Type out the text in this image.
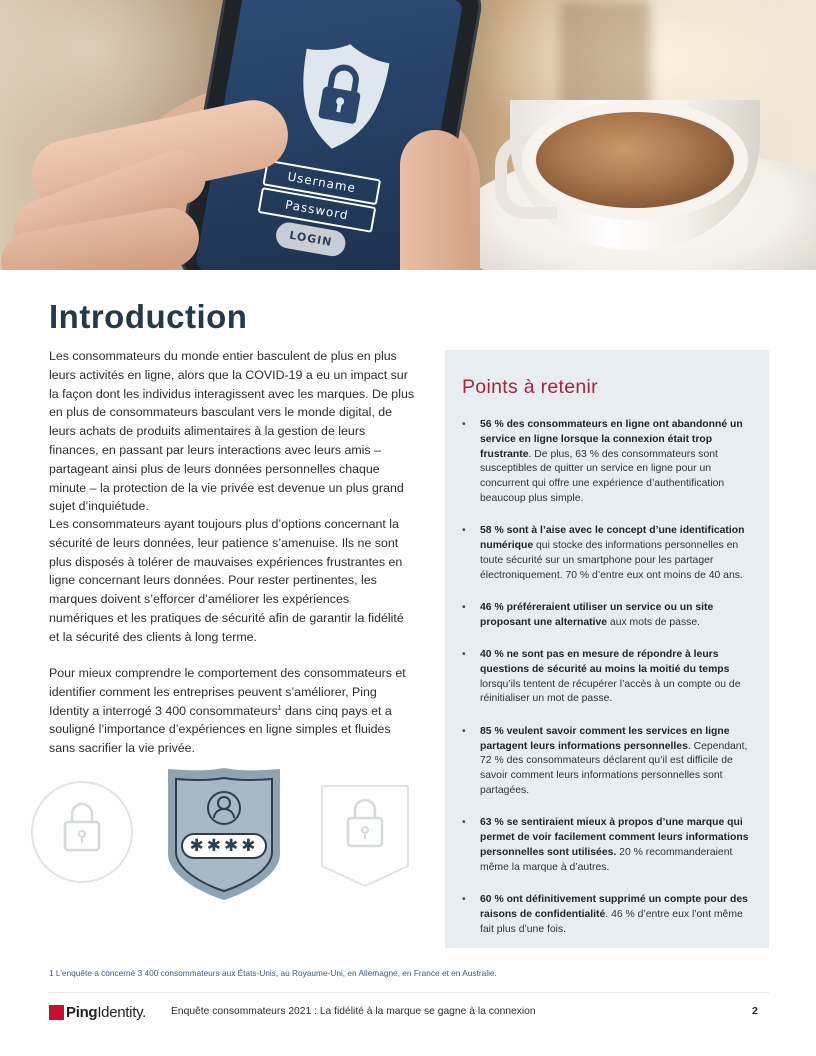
Username
Password
LOGIN
Introduction

Les consommateurs du monde entier basculent de plus en plus leurs activités en ligne, alors que la COVID-19 a eu un impact sur la façon dont les individus interagissent avec les marques. De plus en plus de consommateurs basculant vers le monde digital, de leurs achats de produits alimentaires à la gestion de leurs finances, en passant par leurs interactions avec leurs amis – partageant ainsi plus de leurs données personnelles chaque minute – la protection de la vie privée est devenue un plus grand sujet d’inquiétude.

Les consommateurs ayant toujours plus d’options concernant la sécurité de leurs données, leur patience s’amenuise. Ils ne sont plus disposés à tolérer de mauvaises expériences frustrantes en ligne concernant leurs données. Pour rester pertinentes, les marques doivent s’efforcer d’améliorer les expériences numériques et les pratiques de sécurité afin de garantir la fidélité et la sécurité des clients à long terme.

Pour mieux comprendre le comportement des consommateurs et identifier comment les entreprises peuvent s’améliorer, Ping Identity a interrogé 3 400 consommateurs$^1$ dans cinq pays et a souligné l’importance d’expériences en ligne simples et fluides sans sacrifier la vie privée.

✱✱✱✱
Points à retenir
• 56 % des consommateurs en ligne ont abandonné un service en ligne lorsque la connexion était trop frustrante. De plus, 63 % des consommateurs sont susceptibles de quitter un service en ligne pour un concurrent qui offre une expérience d’authentification beaucoup plus simple.
• 58 % sont à l’aise avec le concept d’une identification numérique qui stocke des informations personnelles en toute sécurité sur un smartphone pour les partager électroniquement. 70 % d’entre eux ont moins de 40 ans.
• 46 % préféreraient utiliser un service ou un site proposant une alternative aux mots de passe.
• 40 % ne sont pas en mesure de répondre à leurs questions de sécurité au moins la moitié du temps lorsqu’ils tentent de récupérer l’accès à un compte ou de réinitialiser un mot de passe.
• 85 % veulent savoir comment les services en ligne partagent leurs informations personnelles. Cependant, 72 % des consommateurs déclarent qu’il est difficile de savoir comment leurs informations personnelles sont partagées.
• 63 % se sentiraient mieux à propos d’une marque qui permet de voir facilement comment leurs informations personnelles sont utilisées. 20 % recommanderaient même la marque à d’autres.
• 60 % ont définitivement supprimé un compte pour des raisons de confidentialité. 46 % d’entre eux l’ont même fait plus d’une fois.

1 L’enquête a concerné 3 400 consommateurs aux États-Unis, au Royaume-Uni, en Allemagne, en France et en Australie.

PingIdentity. Enquête consommateurs 2021 : La fidélité à la marque se gagne à la connexion	2
